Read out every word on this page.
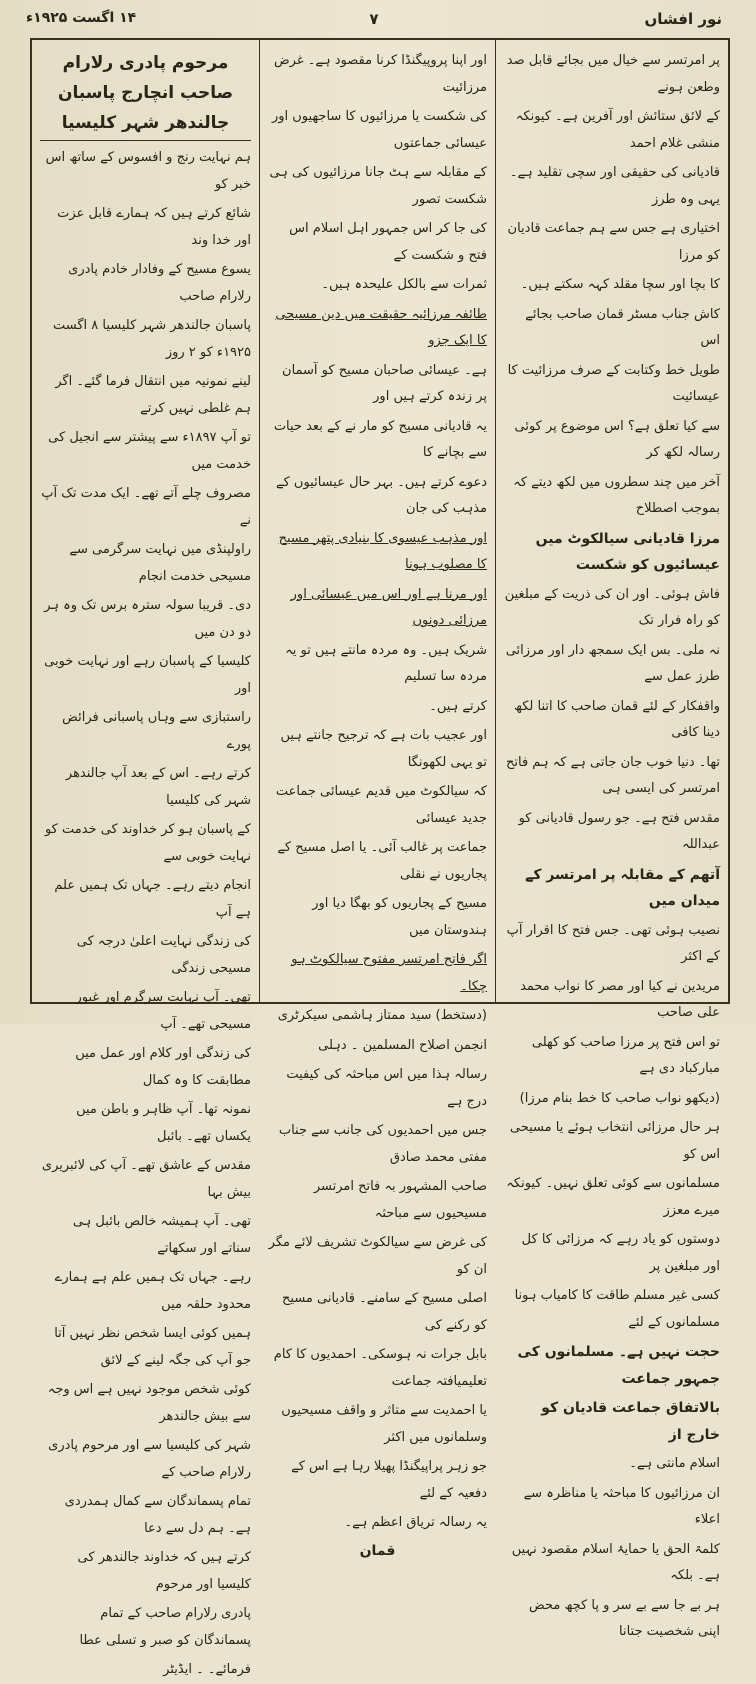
نور افشاں
۷
۱۴ اگست ۱۹۲۵ء

پر امرتسر سے خیال میں بجائے قابل صد وطعن ہونے

کے لائق ستائش اور آفرین ہے۔ کیونکہ منشی غلام احمد

قادیانی کی حقیقی اور سچی تقلید ہے۔ یہی وہ طرز

اختیاری ہے جس سے ہم جماعت قادیان کو مرزا

کا بچا اور سچا مقلد کہہ سکتے ہیں۔

کاش جناب مسٹر قمان صاحب بجائے اس

طویل خط وکتابت کے صرف مرزائیت کا عیسائیت

سے کیا تعلق ہے؟ اس موضوع پر کوئی رسالہ لکھ کر

آخر میں چند سطروں میں لکھ دیتے کہ بموجب اصطلاح

مرزا قادیانی سیالکوٹ میں عیسائیوں کو شکست

فاش ہوئی۔ اور ان کی ذریت کے مبلغین کو راہ فرار تک

نہ ملی۔ بس ایک سمجھ دار اور مرزائی طرز عمل سے

واقفکار کے لئے قمان صاحب کا اتنا لکھ دینا کافی

تھا۔ دنیا خوب جان جاتی ہے کہ ہم فاتح امرتسر کی ایسی ہی

مقدس فتح ہے۔ جو رسول قادیانی کو عبداللہ

آتھم کے مقابلہ پر امرتسر کے میدان میں

نصیب ہوئی تھی۔ جس فتح کا اقرار آپ کے اکثر

مریدین نے کیا اور مصر کا نواب محمد علی صاحب

تو اس فتح پر مرزا صاحب کو کھلی مبارکباد دی ہے

(دیکھو نواب صاحب کا خط بنام مرزا)

ہر حال مرزائی انتخاب ہوئے یا مسیحی اس کو

مسلمانوں سے کوئی تعلق نہیں۔ کیونکہ میرے معزز

دوستوں کو یاد رہے کہ مرزائی کا کل اور مبلغین پر

کسی غیر مسلم طاقت کا کامیاب ہونا مسلمانوں کے لئے

حجت نہیں ہے۔ مسلمانوں کی جمہور جماعت

بالاتفاق جماعت قادیان کو خارج از

اسلام مانتی ہے۔

ان مرزائیوں کا مباحثہ یا مناظرہ سے اعلاء

کلمۃ الحق یا حمایۂ اسلام مقصود نہیں ہے۔ بلکہ

ہر بے جا سے بے سر و پا کچھ محض اپنی شخصیت جتانا

اور اپنا پروپیگنڈا کرنا مقصود ہے۔ غرض مرزائیت

کی شکست یا مرزائیوں کا ساجھیوں اور عیسائی جماعتوں

کے مقابلہ سے ہٹ جانا مرزائیوں کی ہی شکست تصور

کی جا کر اس جمہور اہل اسلام اس فتح و شکست کے

ثمرات سے بالکل علیحدہ ہیں۔

طائفہ مرزائیہ حقیقت میں دین مسیحی کا ایک جزو

ہے۔ عیسائی صاحبان مسیح کو آسمان پر زندہ کرتے ہیں اور

یہ قادیانی مسیح کو مار نے کے بعد حیات سے بچانے کا

دعوے کرتے ہیں۔ بہر حال عیسائیوں کے مذہب کی جان

اور مذہب عیسوی کا بنیادی پتھر مسیح کا مصلوب ہونا

اور مرنا ہے اور اس میں عیسائی اور مرزائی دونوں

شریک ہیں۔ وہ مردہ مانتے ہیں تو یہ مردہ سا تسلیم

کرتے ہیں۔

اور عجیب بات ہے کہ ترجیح جانتے ہیں تو یہی لکھونگا

کہ سیالکوٹ میں قدیم عیسائی جماعت جدید عیسائی

جماعت پر غالب آئی۔ یا اصل مسیح کے پجاریوں نے نقلی

مسیح کے پجاریوں کو بھگا دیا اور ہندوستان میں

اگر فاتح امرتسر مفتوح سیالکوٹ ہو چکا۔

(دستخط) سید ممتاز ہاشمی سیکرٹری

انجمن اصلاح المسلمین ۔ دہلی

رسالہ ہذا میں اس مباحثہ کی کیفیت درج ہے

جس میں احمدیوں کی جانب سے جناب مفتی محمد صادق

صاحب المشہور بہ فاتح امرتسر مسیحیوں سے مباحثہ

کی غرض سے سیالکوٹ تشریف لائے مگر ان کو

اصلی مسیح کے سامنے۔ قادیانی مسیح کو رکنے کی

بابل جرات نہ ہوسکی۔ احمدیوں کا کام تعلیمیافتہ جماعت

یا احمدیت سے متاثر و واقف مسیحیوں وسلمانوں میں اکثر

جو زہر پراپیگنڈا پھیلا رہا ہے اس کے دفعیہ کے لئے

یہ رسالہ تریاق اعظم ہے۔

قمان
مرحوم پادری رلارام صاحب انچارج پاسبان جالندھر شہر کلیسیا

ہم نہایت رنج و افسوس کے ساتھ اس خبر کو

شائع کرتے ہیں کہ ہمارے قابل عزت اور خدا وند

یسوع مسیح کے وفادار خادم پادری رلارام صاحب

پاسبان جالندھر شہر کلیسیا ۸ اگست ۱۹۲۵ء کو ۲ روز

لینے نمونیہ میں انتقال فرما گئے۔ اگر ہم غلطی نہیں کرتے

تو آپ ۱۸۹۷ء سے پیشتر سے انجیل کی خدمت میں

مصروف چلے آتے تھے۔ ایک مدت تک آپ نے

راولپنڈی میں نہایت سرگرمی سے مسیحی خدمت انجام

دی۔ قریبا سولہ سترہ برس تک وہ ہر دو دن میں

کلیسیا کے پاسبان رہے اور نہایت خوبی اور

راستبازی سے وہاں پاسبانی فرائض پورے

کرتے رہے۔ اس کے بعد آپ جالندھر شہر کی کلیسیا

کے پاسبان ہو کر خداوند کی خدمت کو نہایت خوبی سے

انجام دیتے رہے۔ جہاں تک ہمیں علم ہے آپ

کی زندگی نہایت اعلیٰ درجہ کی مسیحی زندگی

تھی۔ آپ نہایت سرگرم اور غیور مسیحی تھے۔ آپ

کی زندگی اور کلام اور عمل میں مطابقت کا وہ کمال

نمونہ تھا۔ آپ ظاہر و باطن میں یکساں تھے۔ بائبل

مقدس کے عاشق تھے۔ آپ کی لائبریری بیش بہا

تھی۔ آپ ہمیشہ خالص بائبل ہی سناتے اور سکھاتے

رہے۔ جہاں تک ہمیں علم ہے ہمارے محدود حلقہ میں

ہمیں کوئی ایسا شخص نظر نہیں آتا جو آپ کی جگہ لینے کے لائق

کوئی شخص موجود نہیں ہے اس وجہ سے بیش جالندھر

شہر کی کلیسیا سے اور مرحوم پادری رلارام صاحب کے

تمام پسماندگان سے کمال ہمدردی ہے۔ ہم دل سے دعا

کرتے ہیں کہ خداوند جالندھر کی کلیسیا اور مرحوم

پادری رلارام صاحب کے تمام پسماندگان کو صبر و تسلی عطا

فرمائے۔ ۔ ایڈیٹر
